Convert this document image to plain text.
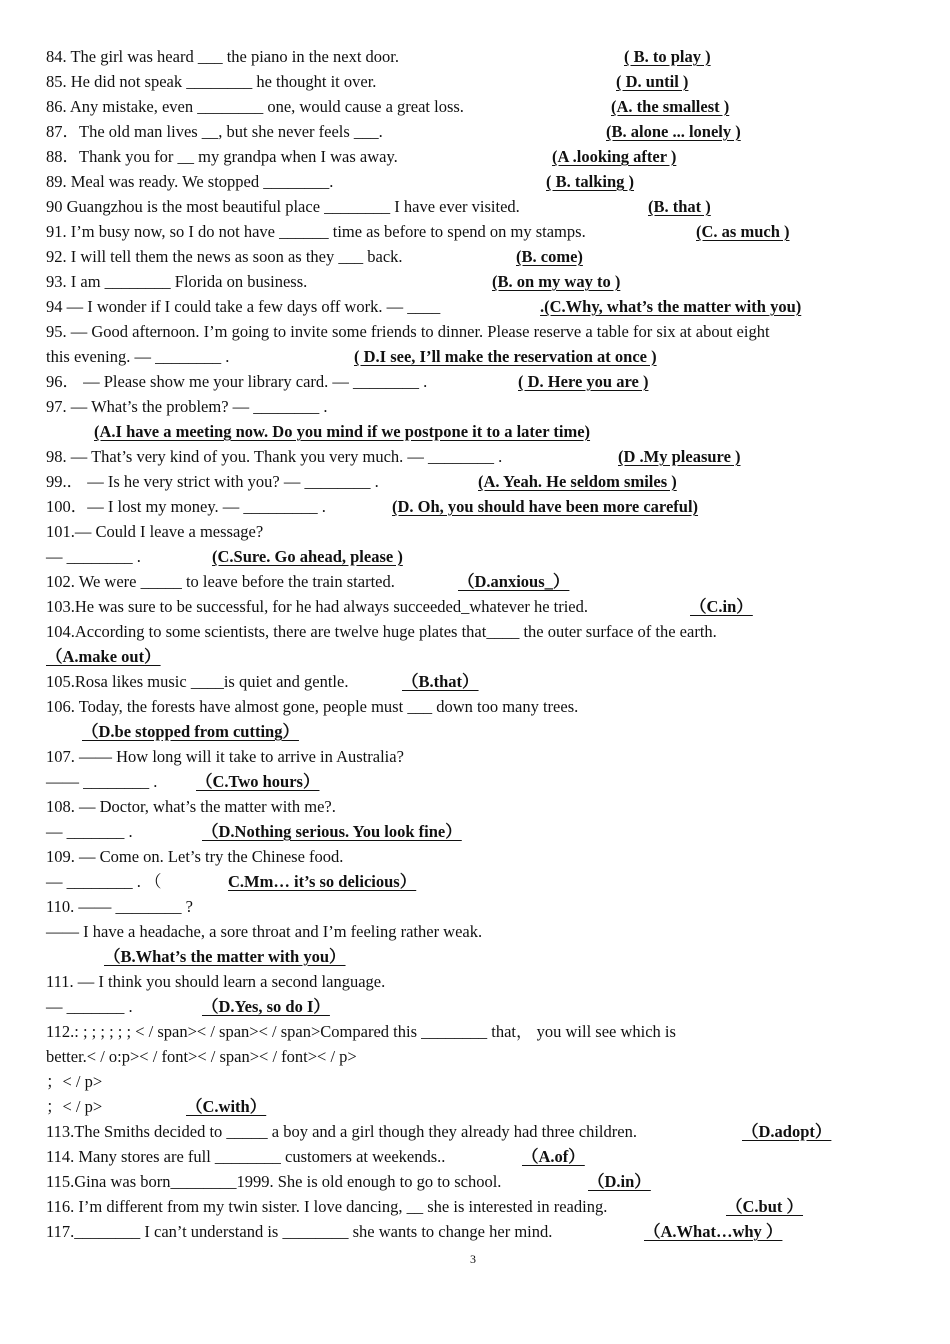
84. The girl was heard ___ the piano in the next door.	( B. to play )
85. He did not speak ________ he thought it over.	( D. until )
86. Any mistake, even ________ one, would cause a great loss.	(A. the smallest )
87．The old man lives __, but she never feels ___.	(B. alone ... lonely )
88．Thank you for __ my grandpa when I was away.	(A .looking after )
89. Meal was ready. We stopped ________.	( B. talking )
90 Guangzhou is the most beautiful place ________ I have ever visited.	(B. that )
91. I’m busy now, so I do not have ______ time as before to spend on my stamps.	(C. as much )
92. I will tell them the news as soon as they ___ back.	(B. come)
93. I am ________ Florida on business.	(B. on my way to )
94 — I wonder if I could take a few days off work. — ____	.(C.Why, what’s the matter with you)
95. — Good afternoon. I’m going to invite some friends to dinner. Please reserve a table for six at about eight
this evening. — ________ .	( D.I see, I’ll make the reservation at once )
96． — Please show me your library card. — ________ .	( D. Here you are )
97. — What’s the problem? — ________ .
(A.I have a meeting now. Do you mind if we postpone it to a later time)
98. — That’s very kind of you. Thank you very much. — ________ .	(D .My pleasure )
99.． — Is he very strict with you? — ________ .	(A. Yeah. He seldom smiles )
100．— I lost my money. — _________ .	(D. Oh, you should have been more careful)
101.— Could I leave a message?
— ________ .	(C.Sure. Go ahead, please )
102. We were _____ to leave before the train started.	（D.anxious_）
103.He was sure to be successful, for he had always succeeded_whatever he tried.	（C.in）
104.According to some scientists, there are twelve huge plates that____ the outer surface of the earth.
（A.make out）
105.Rosa likes music ____is quiet and gentle.	（B.that）
106. Today, the forests have almost gone, people must ___ down too many trees.
（D.be stopped from cutting）
107. —— How long will it take to arrive in Australia?
—— ________ . （C.Two hours）
108. — Doctor, what’s the matter with me?.
— _______ .	（D.Nothing serious. You look fine）
109. — Come on. Let’s try the Chinese food.
— ________ . （	C.Mm… it’s so delicious）
110. —— ________ ?
—— I have a headache, a sore throat and I’m feeling rather weak.
（B.What’s the matter with you）
111. — I think you should learn a second language.
— _______ .	（D.Yes, so do I）
112.: ; ; ; ; ; ; < / span>< / span>< / span>Compared this ________ that， you will see which is
better.< / o:p>< / font>< / span>< / font>< / p>
；< / p>
；< / p>	（C.with）
113.The Smiths decided to _____ a boy and a girl though they already had three children.	（D.adopt）
114. Many stores are full ________ customers at weekends..	（A.of）
115.Gina was born________1999. She is old enough to go to school.	（D.in）
116. I’m different from my twin sister. I love dancing, __ she is interested in reading.	（C.but ）
117.________ I can’t understand is ________ she wants to change her mind.	（A.What…why ）
3
